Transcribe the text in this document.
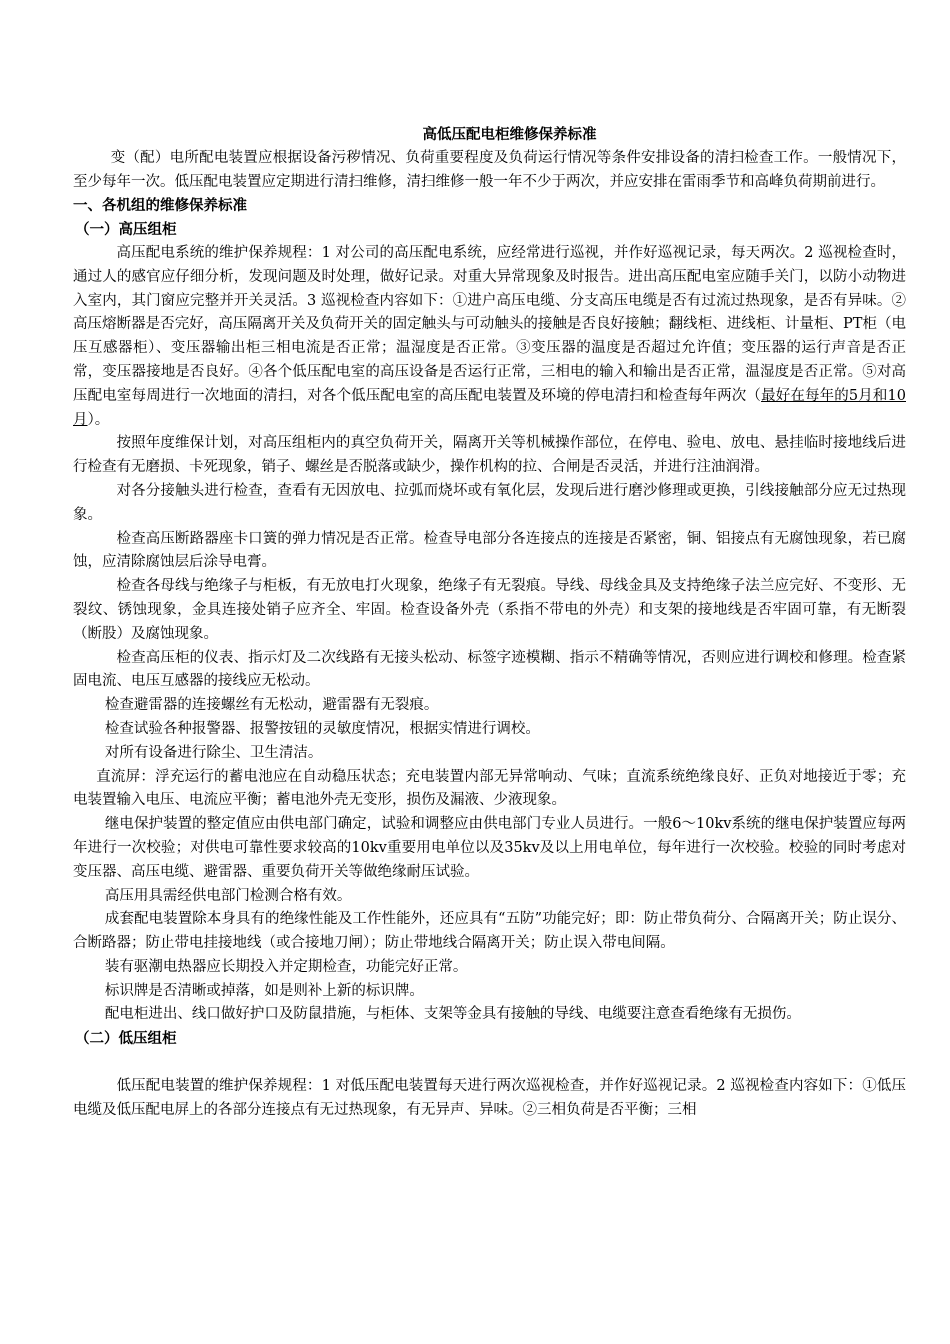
高低压配电柜维修保养标准

变（配）电所配电装置应根据设备污秽情况、负荷重要程度及负荷运行情况等条件安排设备的清扫检查工作。一般情况下，至少每年一次。低压配电装置应定期进行清扫维修，清扫维修一般一年不少于两次，并应安排在雷雨季节和高峰负荷期前进行。

一、各机组的维修保养标准

（一）高压组柜

高压配电系统的维护保养规程：1 对公司的高压配电系统，应经常进行巡视，并作好巡视记录，每天两次。2 巡视检查时，通过人的感官应仔细分析，发现问题及时处理，做好记录。对重大异常现象及时报告。进出高压配电室应随手关门，以防小动物进入室内，其门窗应完整并开关灵活。3 巡视检查内容如下：①进户高压电缆、分支高压电缆是否有过流过热现象，是否有异味。②高压熔断器是否完好，高压隔离开关及负荷开关的固定触头与可动触头的接触是否良好接触；翻线柜、进线柜、计量柜、PT柜（电压互感器柜）、变压器输出柜三相电流是否正常；温湿度是否正常。③变压器的温度是否超过允许值；变压器的运行声音是否正常，变压器接地是否良好。④各个低压配电室的高压设备是否运行正常，三相电的输入和输出是否正常，温湿度是否正常。⑤对高压配电室每周进行一次地面的清扫，对各个低压配电室的高压配电装置及环境的停电清扫和检查每年两次（最好在每年的5月和10月）。

按照年度维保计划，对高压组柜内的真空负荷开关，隔离开关等机械操作部位，在停电、验电、放电、悬挂临时接地线后进行检查有无磨损、卡死现象，销子、螺丝是否脱落或缺少，操作机构的拉、合闸是否灵活，并进行注油润滑。

对各分接触头进行检查，查看有无因放电、拉弧而烧坏或有氧化层，发现后进行磨沙修理或更换，引线接触部分应无过热现象。

检查高压断路器座卡口簧的弹力情况是否正常。检查导电部分各连接点的连接是否紧密，铜、铝接点有无腐蚀现象，若已腐蚀，应清除腐蚀层后涂导电膏。

检查各母线与绝缘子与柜板，有无放电打火现象，绝缘子有无裂痕。导线、母线金具及支持绝缘子法兰应完好、不变形、无裂纹、锈蚀现象，金具连接处销子应齐全、牢固。检查设备外壳（系指不带电的外壳）和支架的接地线是否牢固可靠，有无断裂（断股）及腐蚀现象。

检查高压柜的仪表、指示灯及二次线路有无接头松动、标签字迹模糊、指示不精确等情况，否则应进行调校和修理。检查紧固电流、电压互感器的接线应无松动。

检查避雷器的连接螺丝有无松动，避雷器有无裂痕。

检查试验各种报警器、报警按钮的灵敏度情况，根据实情进行调校。

对所有设备进行除尘、卫生清洁。

直流屏：浮充运行的蓄电池应在自动稳压状态；充电装置内部无异常响动、气味；直流系统绝缘良好、正负对地接近于零；充电装置输入电压、电流应平衡；蓄电池外壳无变形，损伤及漏液、少液现象。

继电保护装置的整定值应由供电部门确定，试验和调整应由供电部门专业人员进行。一般6～10kv系统的继电保护装置应每两年进行一次校验；对供电可靠性要求较高的10kv重要用电单位以及35kv及以上用电单位，每年进行一次校验。校验的同时考虑对变压器、高压电缆、避雷器、重要负荷开关等做绝缘耐压试验。

高压用具需经供电部门检测合格有效。

成套配电装置除本身具有的绝缘性能及工作性能外，还应具有“五防”功能完好；即：防止带负荷分、合隔离开关；防止误分、合断路器；防止带电挂接地线（或合接地刀闸）；防止带地线合隔离开关；防止误入带电间隔。

装有驱潮电热器应长期投入并定期检查，功能完好正常。

标识牌是否清晰或掉落，如是则补上新的标识牌。

配电柜进出、线口做好护口及防鼠措施，与柜体、支架等金具有接触的导线、电缆要注意查看绝缘有无损伤。

（二）低压组柜

低压配电装置的维护保养规程：1 对低压配电装置每天进行两次巡视检查，并作好巡视记录。2 巡视检查内容如下：①低压电缆及低压配电屏上的各部分连接点有无过热现象，有无异声、异味。②三相负荷是否平衡；三相
